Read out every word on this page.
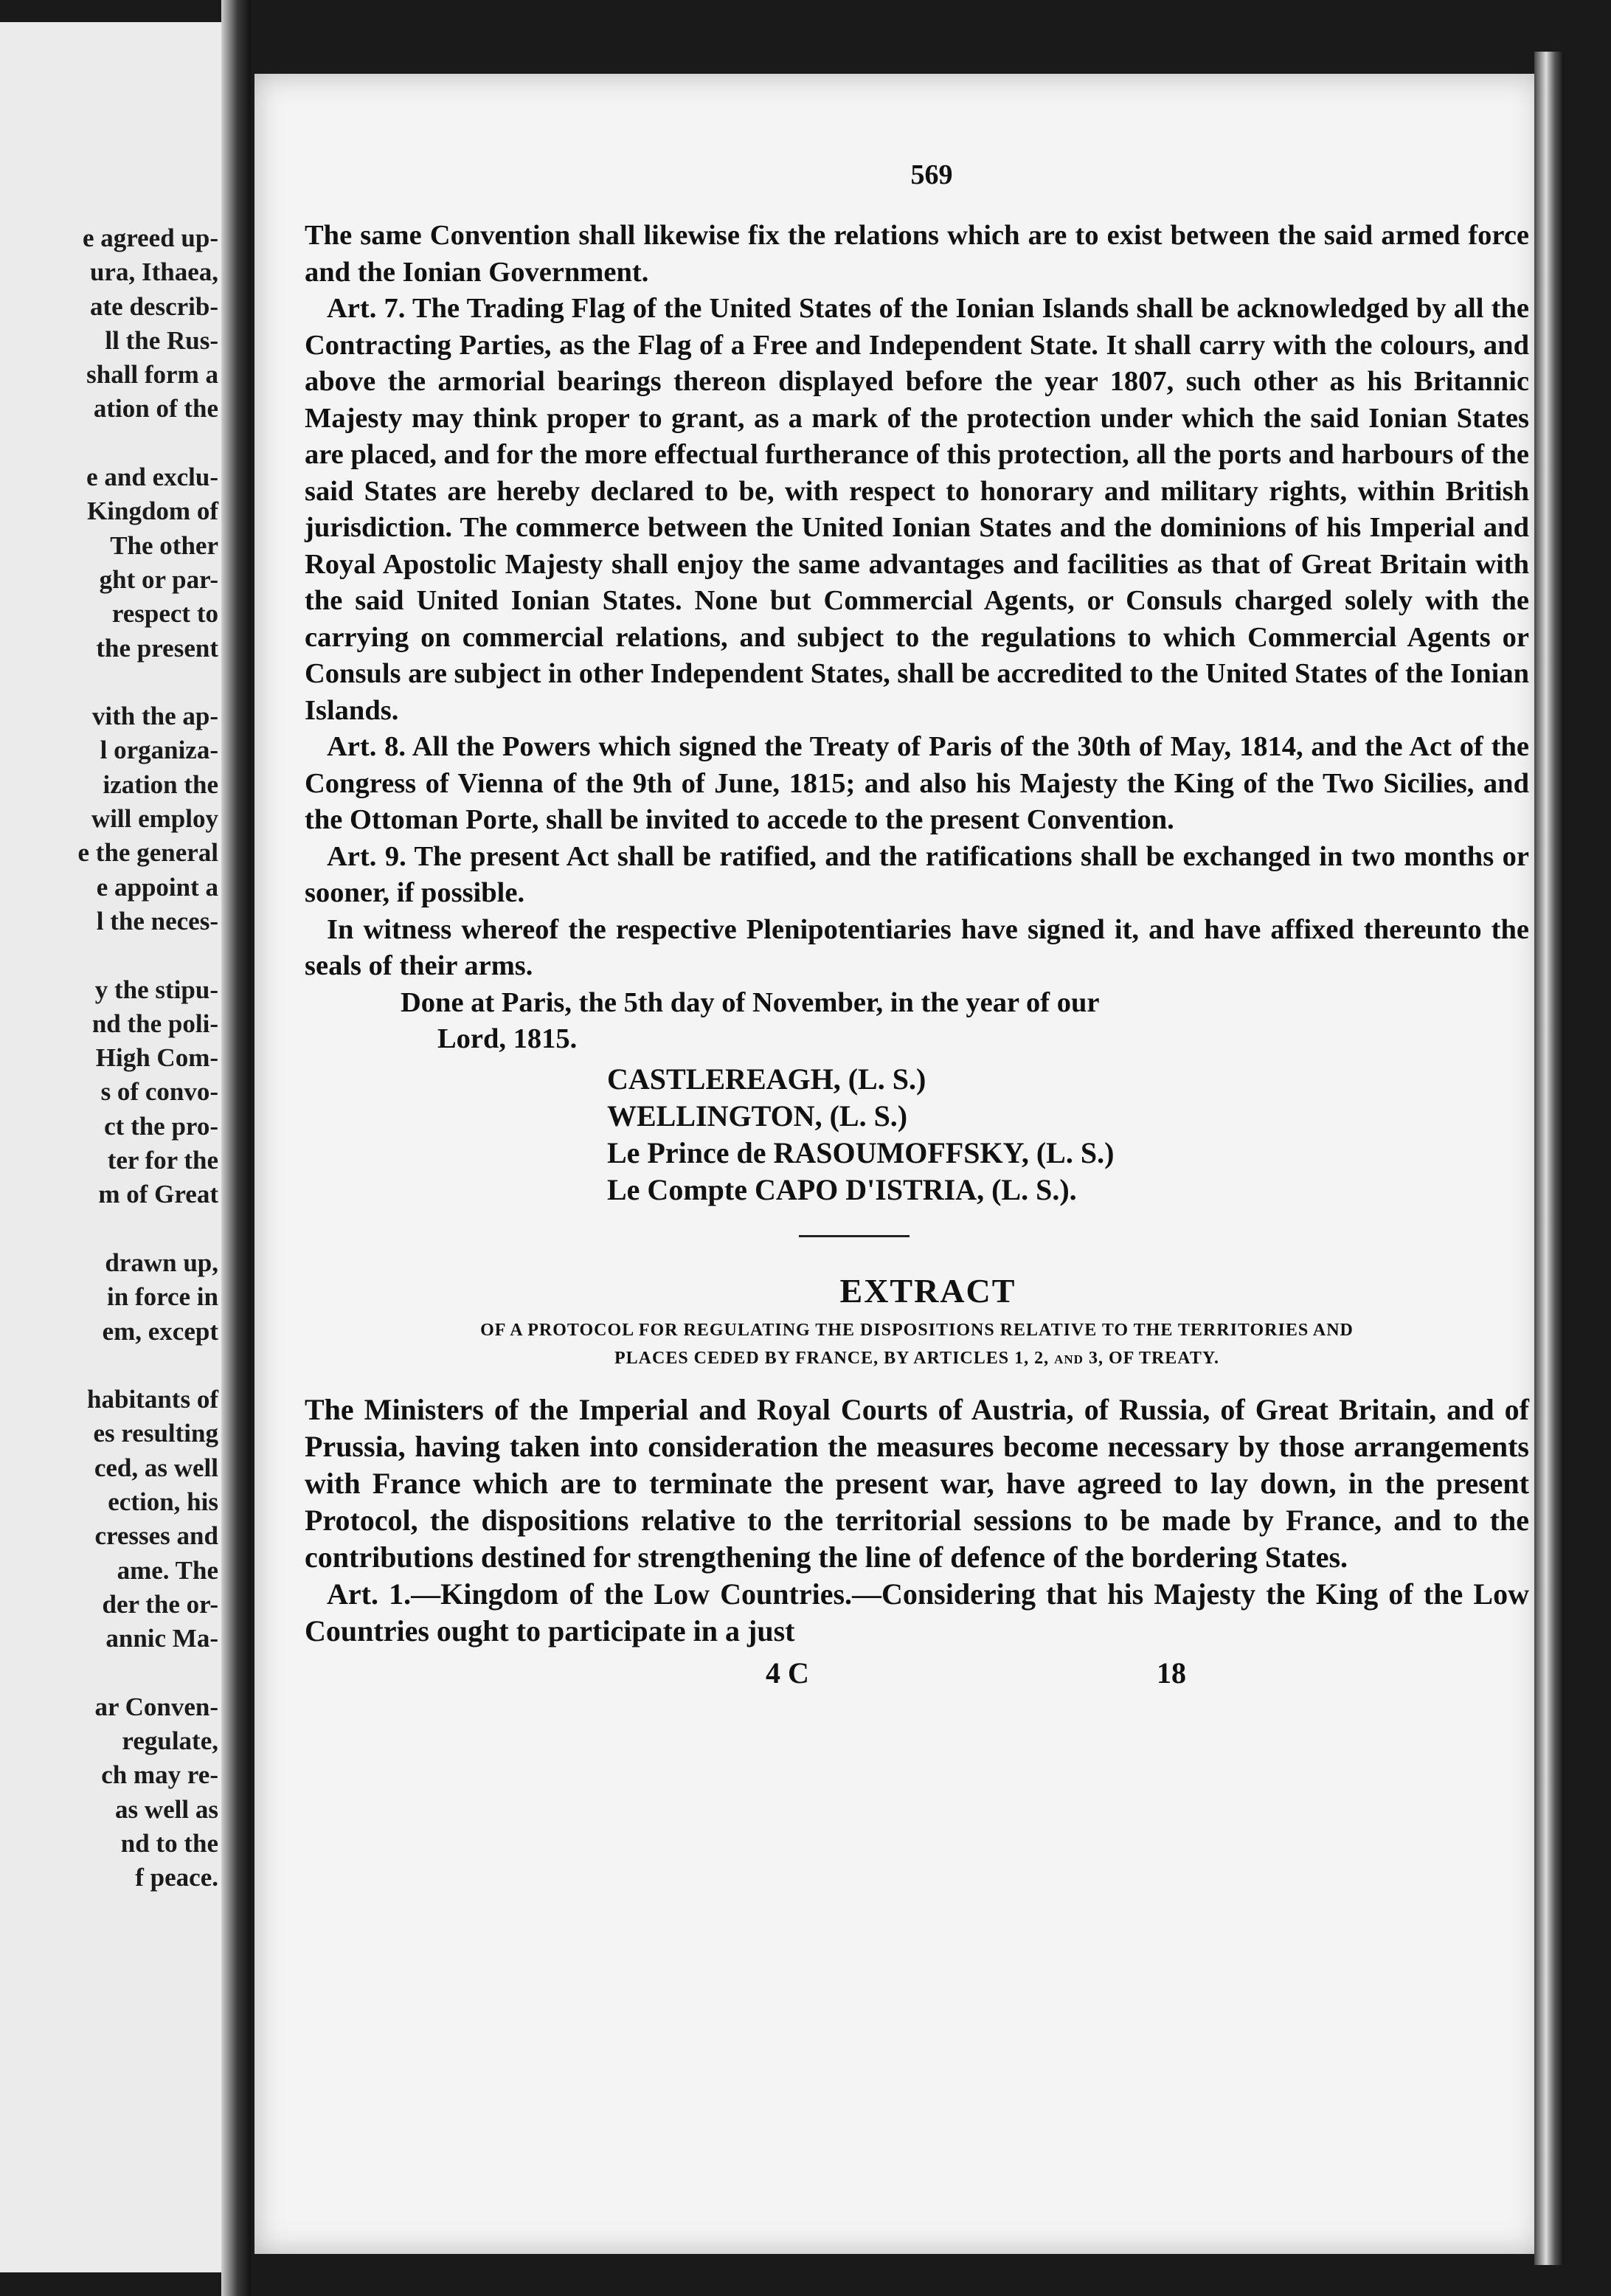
e agreed up-
ura, Ithaea,
ate describ-
ll the Rus-
shall form a
ation of the
e and exclu-
Kingdom of
The other
ght or par-
respect to
the present
vith the ap-
l organiza-
ization the
will employ
e the general
e appoint a
l the neces-
y the stipu-
nd the poli-
High Com-
s of convo-
ct the pro-
ter for the
m of Great
drawn up,
in force in
em, except
habitants of
es resulting
ced, as well
ection, his
cresses and
ame. The
der the or-
annic Ma-
ar Conven-
regulate,
ch may re-
as well as
nd to the
f peace.
569
The same Convention shall likewise fix the relations which are to exist between the said armed force and the Ionian Government.
Art. 7. The Trading Flag of the United States of the Ionian Islands shall be acknowledged by all the Contracting Parties, as the Flag of a Free and Independent State. It shall carry with the colours, and above the armorial bearings thereon displayed before the year 1807, such other as his Britannic Majesty may think proper to grant, as a mark of the protection under which the said Ionian States are placed, and for the more effectual furtherance of this protection, all the ports and harbours of the said States are hereby declared to be, with respect to honorary and military rights, within British jurisdiction. The commerce between the United Ionian States and the dominions of his Imperial and Royal Apostolic Majesty shall enjoy the same advantages and facilities as that of Great Britain with the said United Ionian States. None but Commercial Agents, or Consuls charged solely with the carrying on commercial relations, and subject to the regulations to which Commercial Agents or Consuls are subject in other Independent States, shall be accredited to the United States of the Ionian Islands.
Art. 8. All the Powers which signed the Treaty of Paris of the 30th of May, 1814, and the Act of the Congress of Vienna of the 9th of June, 1815; and also his Majesty the King of the Two Sicilies, and the Ottoman Porte, shall be invited to accede to the present Convention.
Art. 9. The present Act shall be ratified, and the ratifications shall be exchanged in two months or sooner, if possible.
In witness whereof the respective Plenipotentiaries have signed it, and have affixed thereunto the seals of their arms.
Done at Paris, the 5th day of November, in the year of our
Lord, 1815.
CASTLEREAGH, (L. S.)
WELLINGTON, (L. S.)
Le Prince de RASOUMOFFSKY, (L. S.)
Le Compte CAPO D'ISTRIA, (L. S.).
EXTRACT
OF A PROTOCOL FOR REGULATING THE DISPOSITIONS RELATIVE TO THE TERRITORIES AND
PLACES CEDED BY FRANCE, BY ARTICLES 1, 2, and 3, OF TREATY.
The Ministers of the Imperial and Royal Courts of Austria, of Russia, of Great Britain, and of Prussia, having taken into consideration the measures become necessary by those arrangements with France which are to terminate the present war, have agreed to lay down, in the present Protocol, the dispositions relative to the territorial sessions to be made by France, and to the contributions destined for strengthening the line of defence of the bordering States.
Art. 1.—Kingdom of the Low Countries.—Considering that his Majesty the King of the Low Countries ought to participate in a just
4 C	18
